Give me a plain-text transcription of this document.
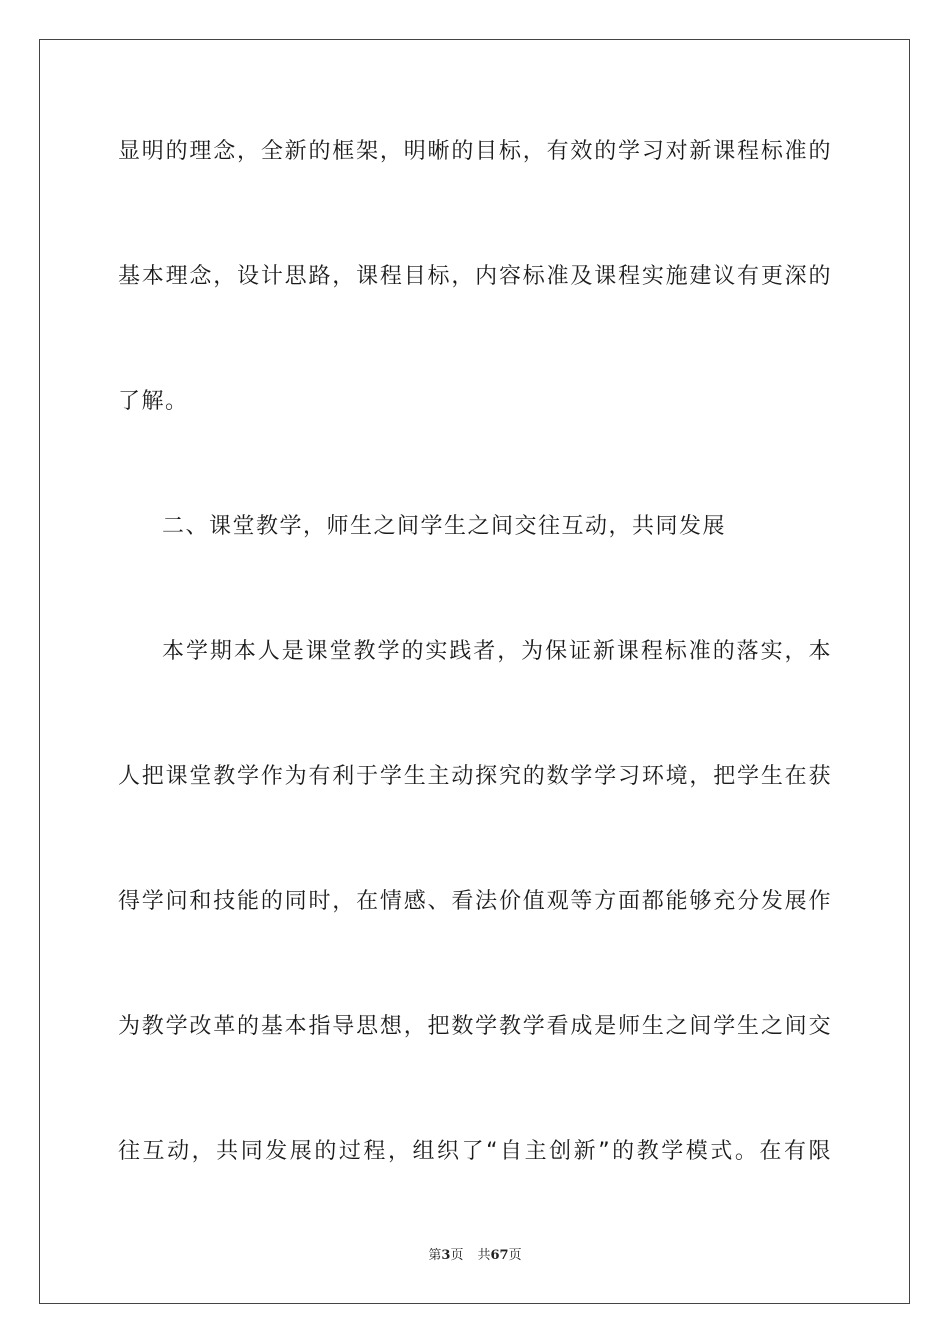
显明的理念，全新的框架，明晰的目标，有效的学习对新课程标准的

基本理念，设计思路，课程目标，内容标准及课程实施建议有更深的

了解。

二、课堂教学，师生之间学生之间交往互动，共同发展

本学期本人是课堂教学的实践者，为保证新课程标准的落实，本

人把课堂教学作为有利于学生主动探究的数学学习环境，把学生在获

得学问和技能的同时，在情感、看法价值观等方面都能够充分发展作

为教学改革的基本指导思想，把数学教学看成是师生之间学生之间交

往互动，共同发展的过程，组织了“自主创新”的教学模式。在有限

第3页 共67页
